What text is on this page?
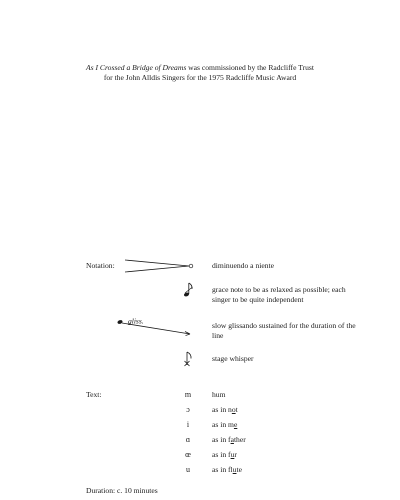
As I Crossed a Bridge of Dreams was commissioned by the Radcliffe Trust
for the John Alldis Singers for the 1975 Radcliffe Music Award
Notation:	diminuendo a niente
grace note to be as relaxed as possible; each singer to be quite independent
gliss.	slow glissando sustained for the duration of the line
stage whisper
Text:	m	hum
ɔ	as in not
i	as in me
ɑ	as in father
œ	as in fur
u	as in flute
Duration: c. 10 minutes
